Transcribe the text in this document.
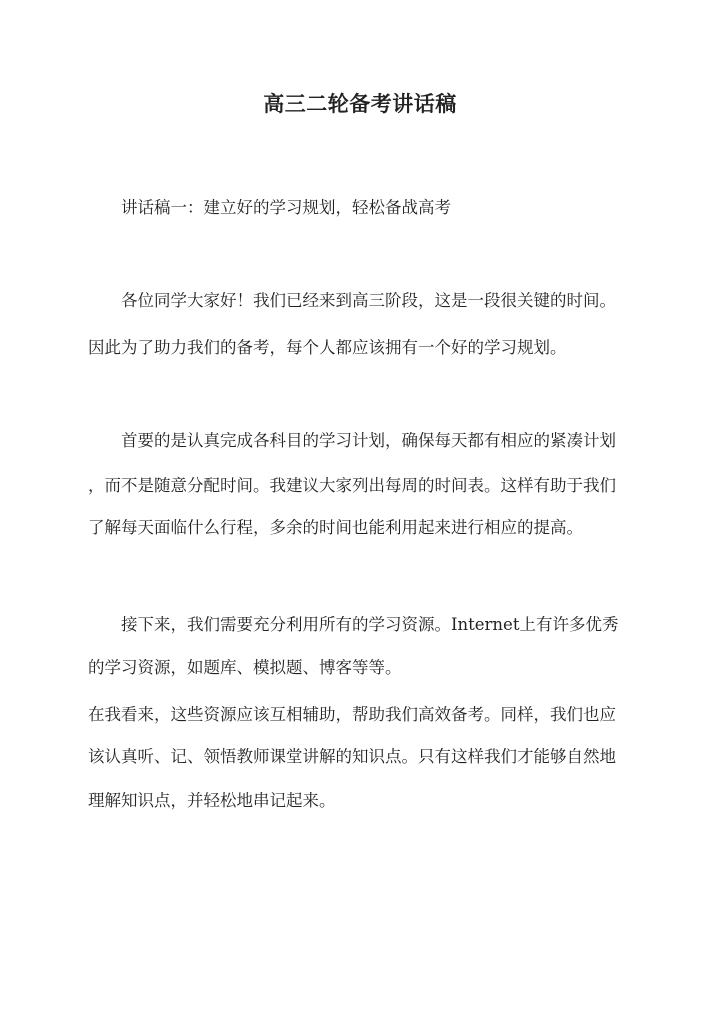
高三二轮备考讲话稿
讲话稿一：建立好的学习规划，轻松备战高考
各位同学大家好！我们已经来到高三阶段，这是一段很关键的时间。
因此为了助力我们的备考，每个人都应该拥有一个好的学习规划。
首要的是认真完成各科目的学习计划，确保每天都有相应的紧凑计划
，而不是随意分配时间。我建议大家列出每周的时间表。这样有助于我们
了解每天面临什么行程，多余的时间也能利用起来进行相应的提高。
接下来，我们需要充分利用所有的学习资源。Internet上有许多优秀
的学习资源，如题库、模拟题、博客等等。
在我看来，这些资源应该互相辅助，帮助我们高效备考。同样，我们也应
该认真听、记、领悟教师课堂讲解的知识点。只有这样我们才能够自然地
理解知识点，并轻松地串记起来。
